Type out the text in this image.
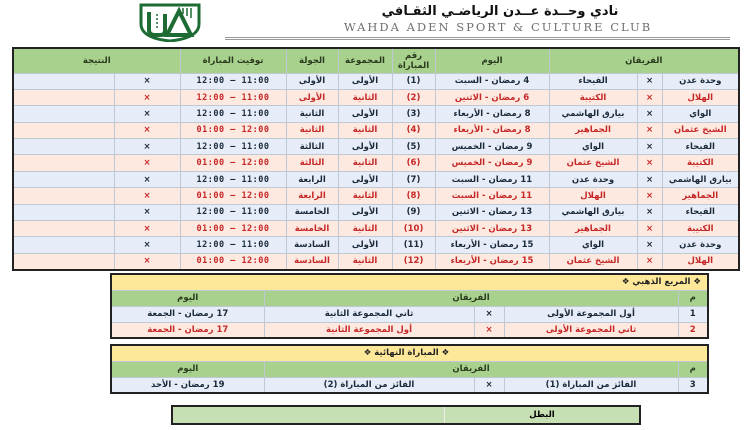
نادي وحــدة عــدن الرياضـي الثقـافي
WAHDA ADEN SPORT & CULTURE CLUB
الفريقان			اليوم	رقم المباراة	المجموعة	الجولة	توقيت المباراة	النتيجة	
وحدة عدن	×	الفيحاء	4 رمضان - السبت	(1)	الأولى	الأولى	12:00 – 11:00	×	
الهلال	×	الكتيبة	6 رمضان - الاثنين	(2)	الثانية	الأولى	12:00 – 11:00	×	
الواي	×	بيارق الهاشمي	8 رمضان - الأربعاء	(3)	الأولى	الثانية	12:00 – 11:00	×	
الشيخ عثمان	×	الجماهير	8 رمضان - الأربعاء	(4)	الثانية	الثانية	01:00 – 12:00	×	
الفيحاء	×	الواي	9 رمضان - الخميس	(5)	الأولى	الثالثة	12:00 – 11:00	×	
الكتيبة	×	الشيخ عثمان	9 رمضان - الخميس	(6)	الثانية	الثالثة	01:00 – 12:00	×	
بيارق الهاشمي	×	وحدة عدن	11 رمضان - السبت	(7)	الأولى	الرابعة	12:00 – 11:00	×	
الجماهير	×	الهلال	11 رمضان - السبت	(8)	الثانية	الرابعة	01:00 – 12:00	×	
الفيحاء	×	بيارق الهاشمي	13 رمضان - الاثنين	(9)	الأولى	الخامسة	12:00 – 11:00	×	
الكتيبة	×	الجماهير	13 رمضان - الاثنين	(10)	الثانية	الخامسة	01:00 – 12:00	×	
وحدة عدن	×	الواي	15 رمضان - الأربعاء	(11)	الأولى	السادسة	12:00 – 11:00	×	
الهلال	×	الشيخ عثمان	15 رمضان - الأربعاء	(12)	الثانية	السادسة	01:00 – 12:00	×	
❖ المربع الذهبي ❖				
م	الفريقان			اليوم
1	أول المجموعة الأولى	×	ثاني المجموعة الثانية	17 رمضان - الجمعة
2	ثاني المجموعة الأولى	×	أول المجموعة الثانية	17 رمضان - الجمعة
❖ المباراة النهائية ❖				
م	الفريقان			اليوم
3	الفائز من المباراة (1)	×	الفائز من المباراة (2)	19 رمضان - الأحد
البطل
